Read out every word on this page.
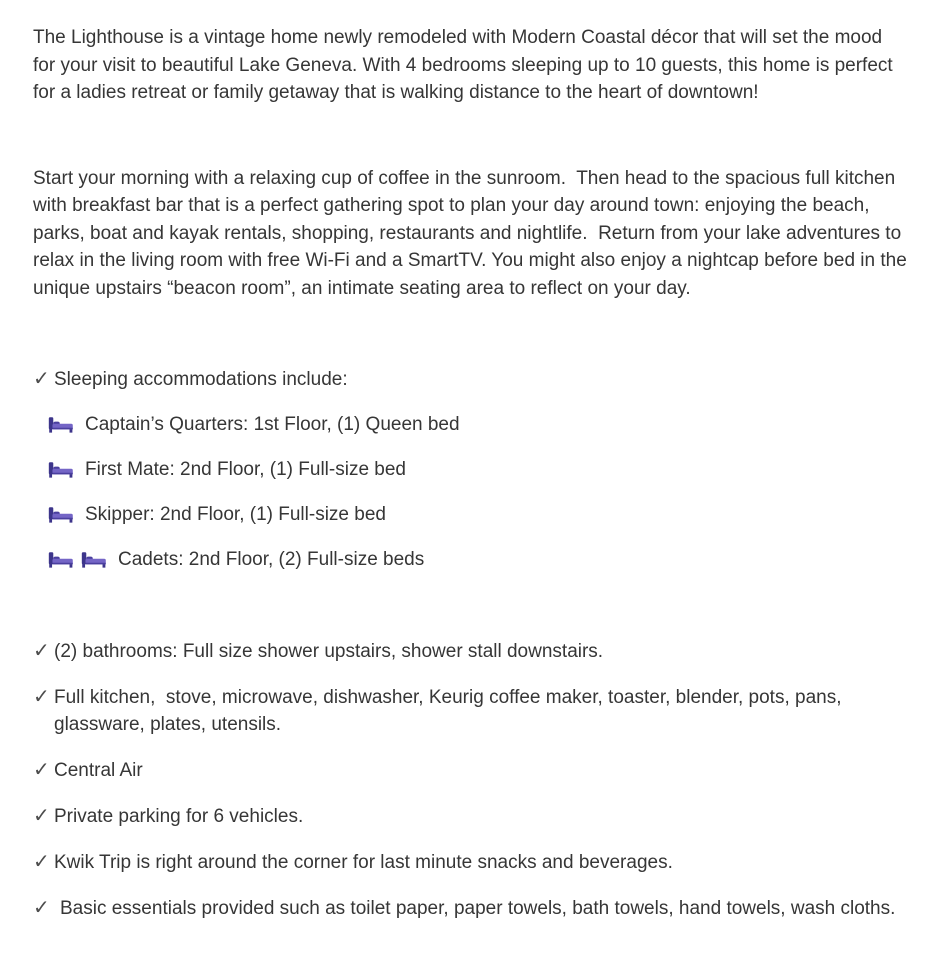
The Lighthouse is a vintage home newly remodeled with Modern Coastal décor that will set the mood for your visit to beautiful Lake Geneva. With 4 bedrooms sleeping up to 10 guests, this home is perfect for a ladies retreat or family getaway that is walking distance to the heart of downtown!

Start your morning with a relaxing cup of coffee in the sunroom.  Then head to the spacious full kitchen with breakfast bar that is a perfect gathering spot to plan your day around town: enjoying the beach, parks, boat and kayak rentals, shopping, restaurants and nightlife.  Return from your lake adventures to relax in the living room with free Wi-Fi and a SmartTV. You might also enjoy a nightcap before bed in the unique upstairs “beacon room”, an intimate seating area to reflect on your day.

✓ Sleeping accommodations include:
Captain’s Quarters: 1st Floor, (1) Queen bed
First Mate: 2nd Floor, (1) Full-size bed
Skipper: 2nd Floor, (1) Full-size bed
Cadets: 2nd Floor, (2) Full-size beds
✓ (2) bathrooms: Full size shower upstairs, shower stall downstairs.
✓ Full kitchen,  stove, microwave, dishwasher, Keurig coffee maker, toaster, blender, pots, pans, glassware, plates, utensils.
✓ Central Air
✓ Private parking for 6 vehicles.
✓ Kwik Trip is right around the corner for last minute snacks and beverages.
✓ Basic essentials provided such as toilet paper, paper towels, bath towels, hand towels, wash cloths.
